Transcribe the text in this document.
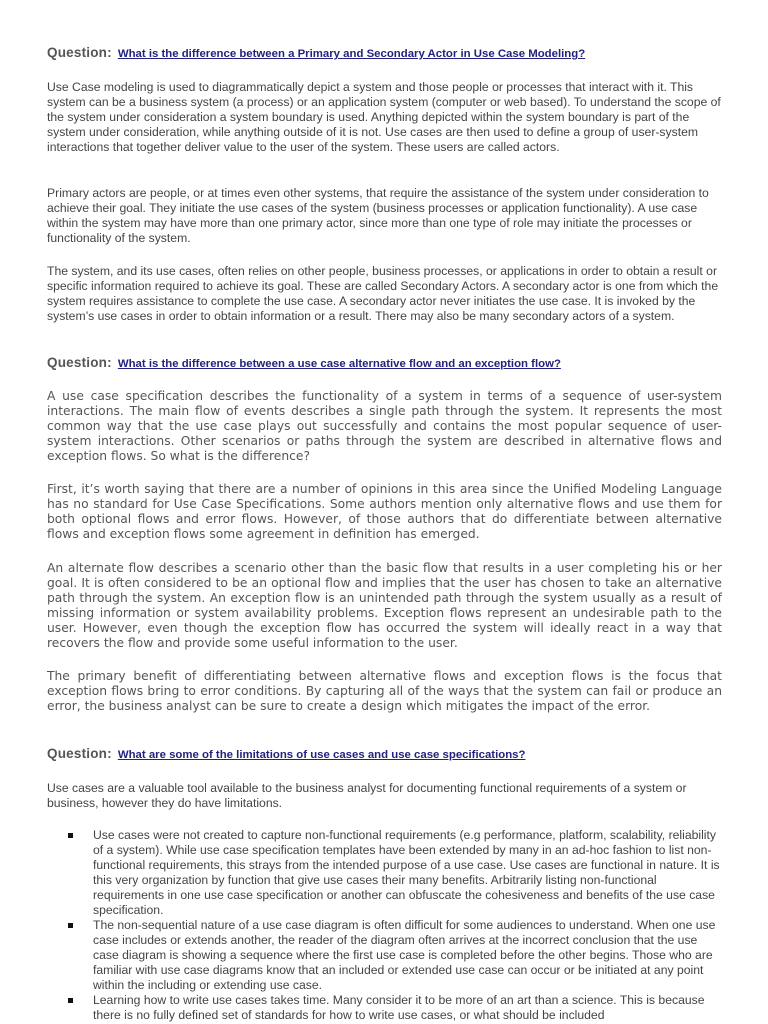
Question: What is the difference between a Primary and Secondary Actor in Use Case Modeling?

Use Case modeling is used to diagrammatically depict a system and those people or processes that interact with it. This system can be a business system (a process) or an application system (computer or web based). To understand the scope of the system under consideration a system boundary is used. Anything depicted within the system boundary is part of the system under consideration, while anything outside of it is not. Use cases are then used to define a group of user-system interactions that together deliver value to the user of the system. These users are called actors.

Primary actors are people, or at times even other systems, that require the assistance of the system under consideration to achieve their goal. They initiate the use cases of the system (business processes or application functionality). A use case within the system may have more than one primary actor, since more than one type of role may initiate the processes or functionality of the system.

The system, and its use cases, often relies on other people, business processes, or applications in order to obtain a result or specific information required to achieve its goal. These are called Secondary Actors. A secondary actor is one from which the system requires assistance to complete the use case. A secondary actor never initiates the use case. It is invoked by the system’s use cases in order to obtain information or a result. There may also be many secondary actors of a system.

Question: What is the difference between a use case alternative flow and an exception flow?

A use case specification describes the functionality of a system in terms of a sequence of user-system interactions. The main flow of events describes a single path through the system. It represents the most common way that the use case plays out successfully and contains the most popular sequence of user-system interactions. Other scenarios or paths through the system are described in alternative flows and exception flows. So what is the difference?

First, it’s worth saying that there are a number of opinions in this area since the Unified Modeling Language has no standard for Use Case Specifications. Some authors mention only alternative flows and use them for both optional flows and error flows. However, of those authors that do differentiate between alternative flows and exception flows some agreement in definition has emerged.

An alternate flow describes a scenario other than the basic flow that results in a user completing his or her goal. It is often considered to be an optional flow and implies that the user has chosen to take an alternative path through the system. An exception flow is an unintended path through the system usually as a result of missing information or system availability problems. Exception flows represent an undesirable path to the user. However, even though the exception flow has occurred the system will ideally react in a way that recovers the flow and provide some useful information to the user.

The primary benefit of differentiating between alternative flows and exception flows is the focus that exception flows bring to error conditions. By capturing all of the ways that the system can fail or produce an error, the business analyst can be sure to create a design which mitigates the impact of the error.

Question: What are some of the limitations of use cases and use case specifications?

Use cases are a valuable tool available to the business analyst for documenting functional requirements of a system or business, however they do have limitations.

Use cases were not created to capture non-functional requirements (e.g performance, platform, scalability, reliability of a system). While use case specification templates have been extended by many in an ad-hoc fashion to list non-functional requirements, this strays from the intended purpose of a use case. Use cases are functional in nature. It is this very organization by function that give use cases their many benefits. Arbitrarily listing non-functional requirements in one use case specification or another can obfuscate the cohesiveness and benefits of the use case specification.
The non-sequential nature of a use case diagram is often difficult for some audiences to understand. When one use case includes or extends another, the reader of the diagram often arrives at the incorrect conclusion that the use case diagram is showing a sequence where the first use case is completed before the other begins. Those who are familiar with use case diagrams know that an included or extended use case can occur or be initiated at any point within the including or extending use case.
Learning how to write use cases takes time. Many consider it to be more of an art than a science. This is because there is no fully defined set of standards for how to write use cases, or what should be included
